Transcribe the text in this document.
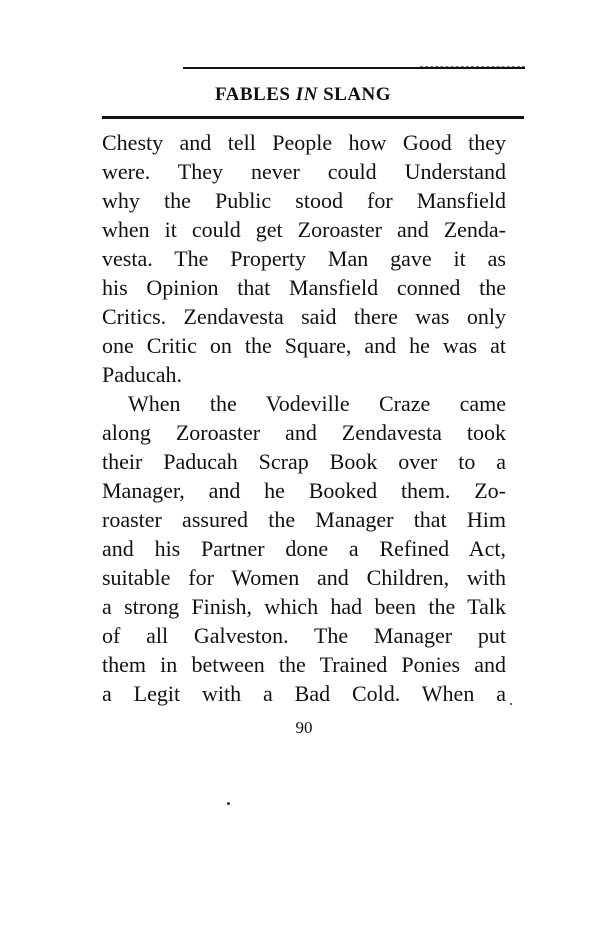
FABLES IN SLANG
Chesty and tell People how Good they
were. They never could Understand
why the Public stood for Mansfield
when it could get Zoroaster and Zenda-
vesta. The Property Man gave it as
his Opinion that Mansfield conned the
Critics. Zendavesta said there was only
one Critic on the Square, and he was at
Paducah.
When the Vodeville Craze came
along Zoroaster and Zendavesta took
their Paducah Scrap Book over to a
Manager, and he Booked them. Zo-
roaster assured the Manager that Him
and his Partner done a Refined Act,
suitable for Women and Children, with
a strong Finish, which had been the Talk
of all Galveston. The Manager put
them in between the Trained Ponies and
a Legit with a Bad Cold. When a
90
